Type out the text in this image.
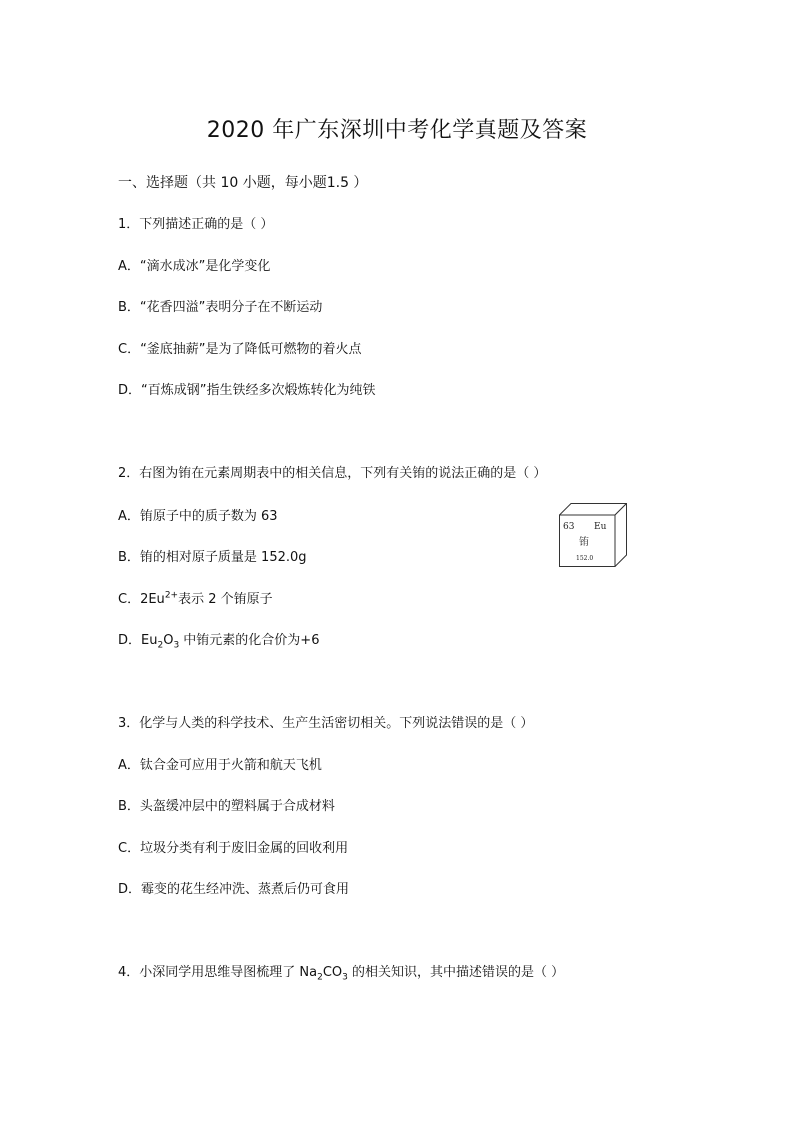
2020 年广东深圳中考化学真题及答案
一、选择题（共 10 小题，每小题1.5 ）
1．下列描述正确的是（ ）
A．“滴水成冰”是化学变化
B．“花香四溢”表明分子在不断运动
C．“釜底抽薪”是为了降低可燃物的着火点
D．“百炼成钢”指生铁经多次煅炼转化为纯铁
2．右图为铕在元素周期表中的相关信息，下列有关铕的说法正确的是（ ）
A．铕原子中的质子数为 63
B．铕的相对原子质量是 152.0g
C．$2Eu^{2+}$表示 2 个铕原子
D．$Eu_2O_3$ 中铕元素的化合价为+6
63 Eu
铕
152.0
3．化学与人类的科学技术、生产生活密切相关。下列说法错误的是（ ）
A．钛合金可应用于火箭和航天飞机
B．头盔缓冲层中的塑料属于合成材料
C．垃圾分类有利于废旧金属的回收利用
D．霉变的花生经冲洗、蒸煮后仍可食用
4．小深同学用思维导图梳理了 $Na_2CO_3$ 的相关知识，其中描述错误的是（ ）
